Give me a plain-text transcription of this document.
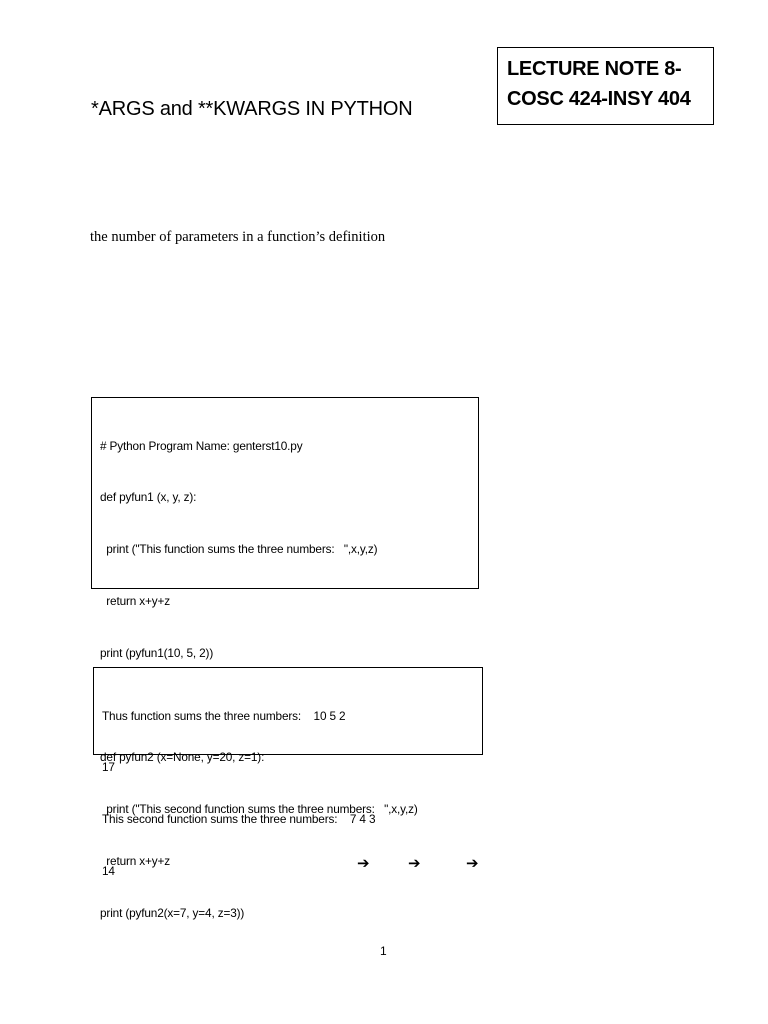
LECTURE NOTE 8-
COSC 424-INSY 404
*ARGS and **KWARGS IN PYTHON
the number of parameters in a function’s definition

# Python Program Name: genterst10.py

def pyfun1 (x, y, z):

print ("This function sums the three numbers:   ",x,y,z)

return x+y+z

print (pyfun1(10, 5, 2))

def pyfun2 (x=None, y=20, z=1):

print ("This second function sums the three numbers:   ",x,y,z)

return x+y+z

print (pyfun2(x=7, y=4, z=3))

Thus function sums the three numbers:    10 5 2

17

This second function sums the three numbers:    7 4 3

14

	➔	➔	➔
1
